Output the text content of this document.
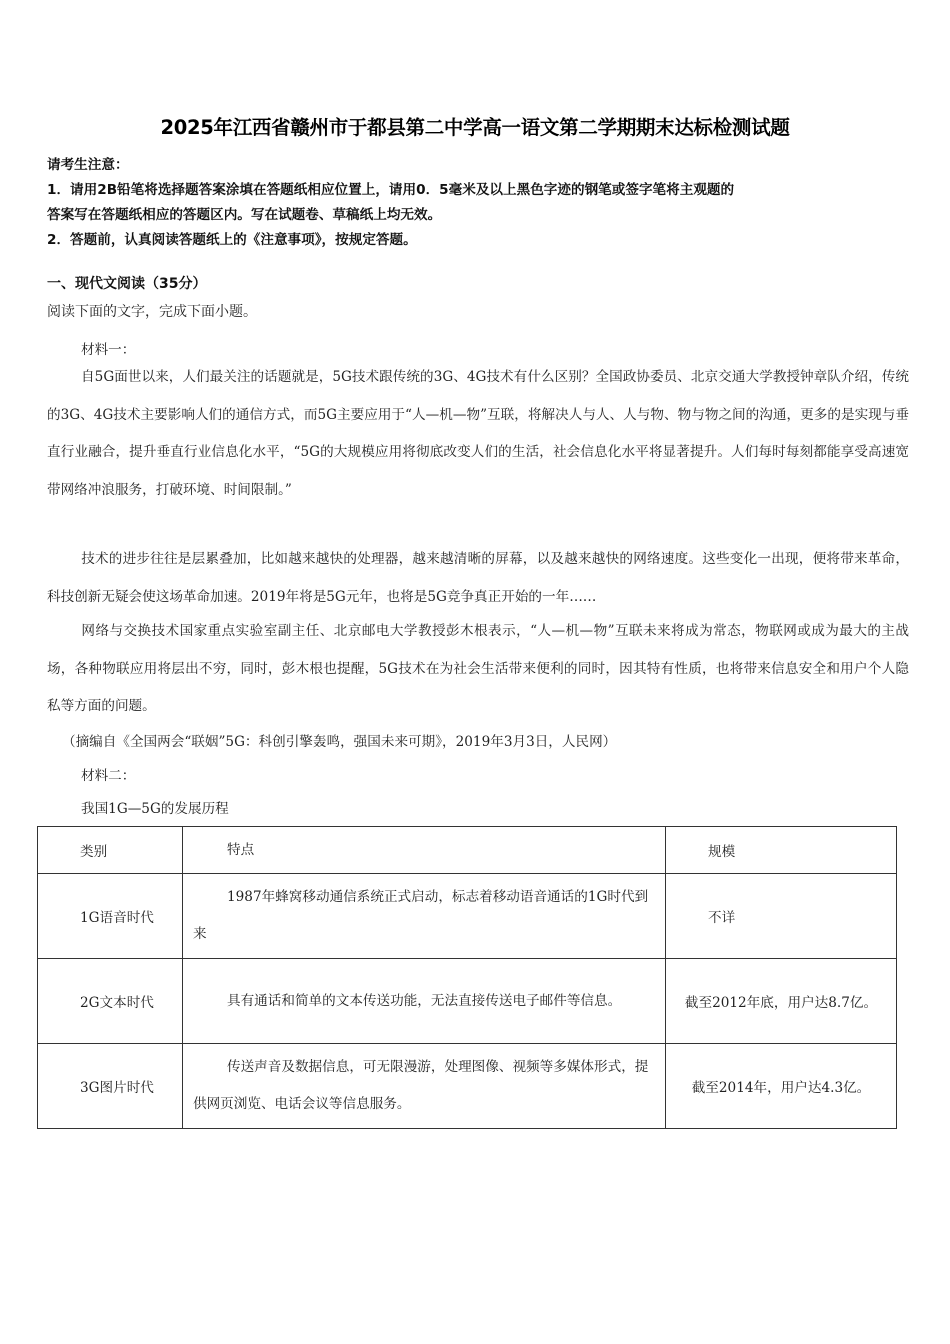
2025年江西省赣州市于都县第二中学高一语文第二学期期末达标检测试题
请考生注意：
1．请用2B铅笔将选择题答案涂填在答题纸相应位置上，请用0．5毫米及以上黑色字迹的钢笔或签字笔将主观题的
答案写在答题纸相应的答题区内。写在试题卷、草稿纸上均无效。
2．答题前，认真阅读答题纸上的《注意事项》，按规定答题。
一、现代文阅读（35分）
阅读下面的文字，完成下面小题。
材料一：
自5G面世以来，人们最关注的话题就是，5G技术跟传统的3G、4G技术有什么区别？全国政协委员、北京交通大学教授钟章队介绍，传统的3G、4G技术主要影响人们的通信方式，而5G主要应用于“人—机—物”互联，将解决人与人、人与物、物与物之间的沟通，更多的是实现与垂直行业融合，提升垂直行业信息化水平，“5G的大规模应用将彻底改变人们的生活，社会信息化水平将显著提升。人们每时每刻都能享受高速宽带网络冲浪服务，打破环境、时间限制。”
技术的进步往往是层累叠加，比如越来越快的处理器，越来越清晰的屏幕，以及越来越快的网络速度。这些变化一出现，便将带来革命，科技创新无疑会使这场革命加速。2019年将是5G元年，也将是5G竞争真正开始的一年……
网络与交换技术国家重点实验室副主任、北京邮电大学教授彭木根表示，“人—机—物”互联未来将成为常态，物联网或成为最大的主战场，各种物联应用将层出不穷，同时，彭木根也提醒，5G技术在为社会生活带来便利的同时，因其特有性质，也将带来信息安全和用户个人隐私等方面的问题。
（摘编自《全国两会“联姻”5G：科创引擎轰鸣，强国未来可期》，2019年3月3日，人民网）
材料二：
我国1G—5G的发展历程
类别	特点	规模
1G语音时代	1987年蜂窝移动通信系统正式启动，标志着移动语音通话的1G时代到来	不详
2G文本时代	具有通话和简单的文本传送功能，无法直接传送电子邮件等信息。	截至2012年底，用户达8.7亿。
3G图片时代	传送声音及数据信息，可无限漫游，处理图像、视频等多媒体形式，提供网页浏览、电话会议等信息服务。	截至2014年，用户达4.3亿。
